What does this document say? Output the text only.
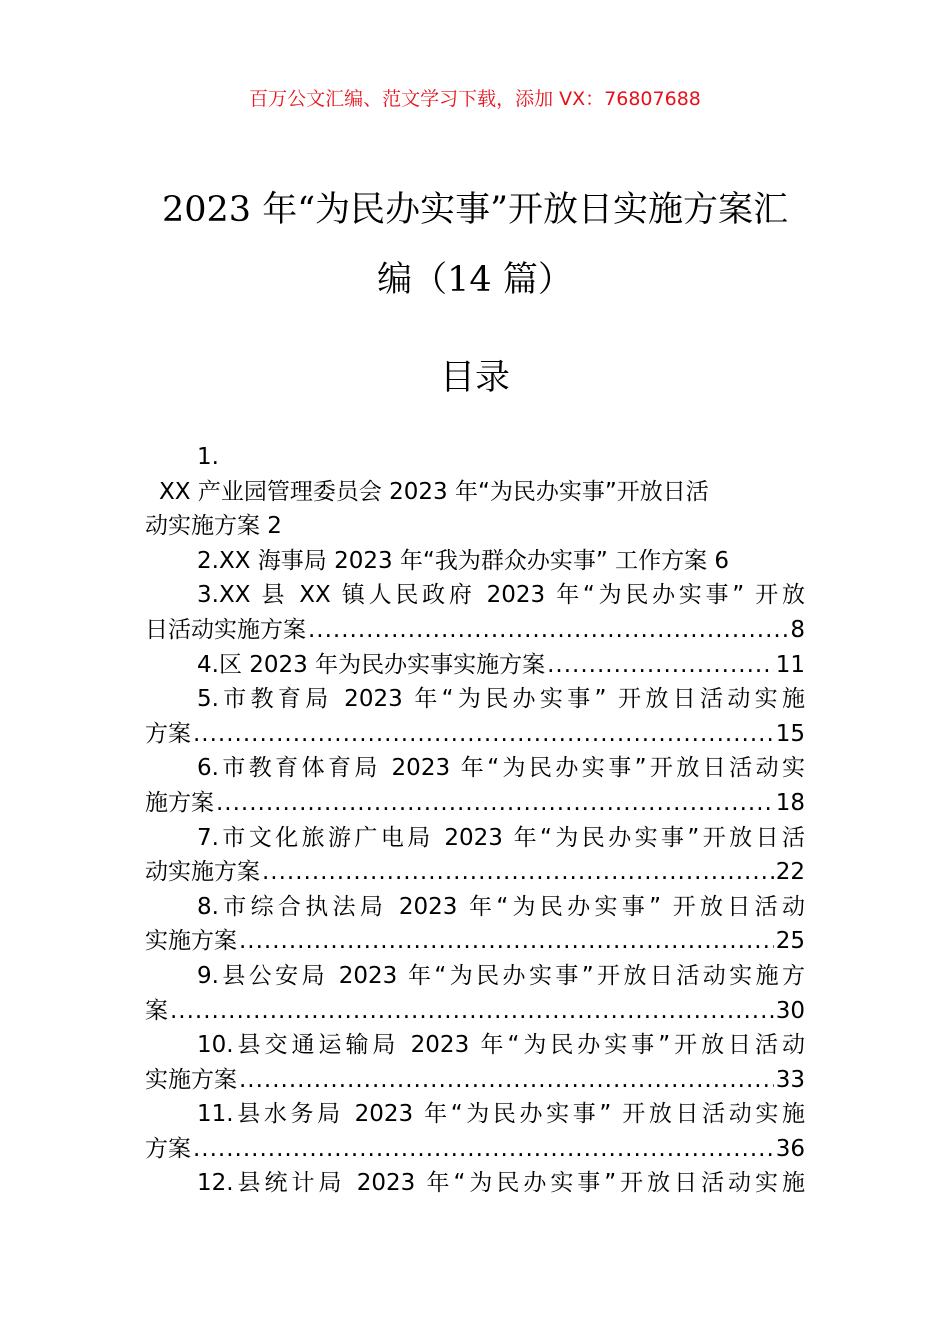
百万公文汇编、范文学习下载，添加 VX：76807688
2023 年“为民办实事”开放日实施方案汇
编（14 篇）
目录
1.
XX 产业园管理委员会 2023 年“为民办实事”开放日活
动实施方案 2
2.XX 海事局 2023 年“我为群众办实事” 工作方案 6
3.XX 县 XX 镇人民政府 2023 年“为民办实事” 开放
日活动实施方案 .....	8
4.区 2023 年为民办实事实施方案 .....	11
5.市教育局 2023 年“为民办实事” 开放日活动实施
方案 .....	15
6.市教育体育局 2023 年“为民办实事”开放日活动实
施方案 .....	18
7.市文化旅游广电局 2023 年“为民办实事”开放日活
动实施方案 .....	22
8.市综合执法局 2023 年“为民办实事” 开放日活动
实施方案 .....	25
9.县公安局 2023 年“为民办实事”开放日活动实施方
案 .....	30
10.县交通运输局 2023 年“为民办实事”开放日活动
实施方案 .....	33
11.县水务局 2023 年“为民办实事” 开放日活动实施
方案 .....	36
12.县统计局 2023 年“为民办实事”开放日活动实施
